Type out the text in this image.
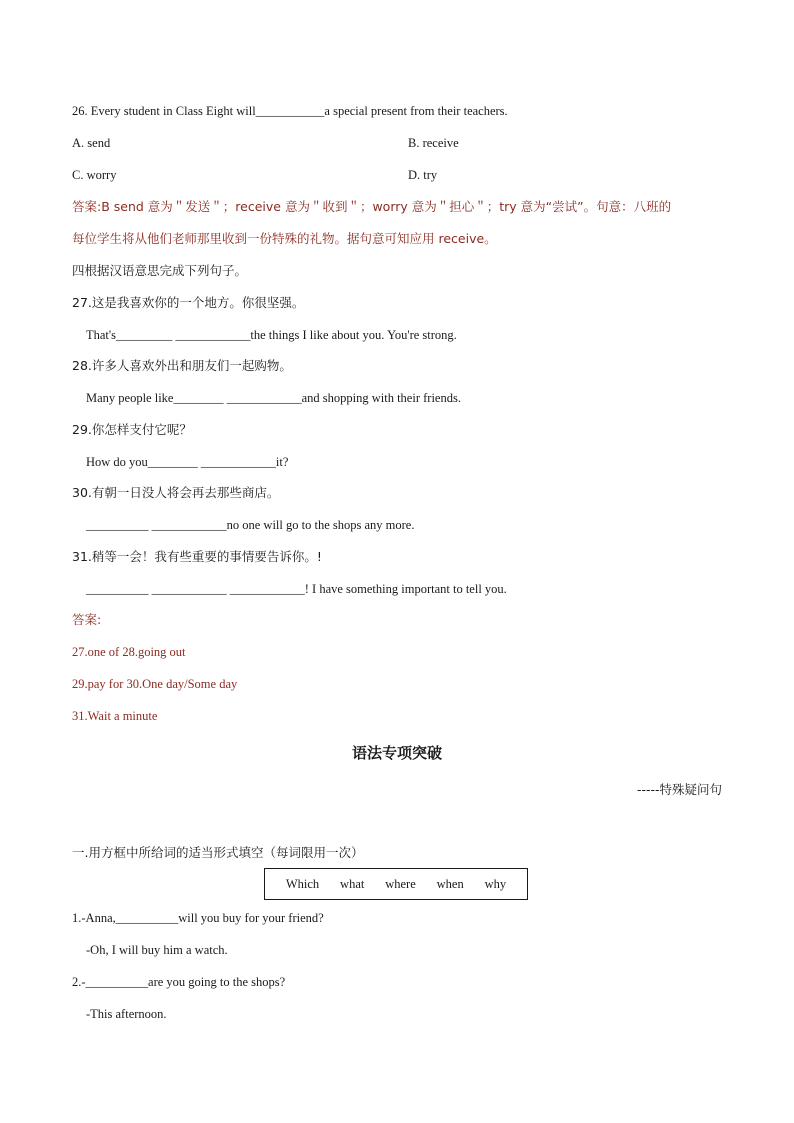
26. Every student in Class Eight will___________a special present from their teachers.
A. send	B. receive
C. worry	D. try
答案:B send 意为＂发送＂；receive 意为＂收到＂；worry 意为＂担心＂；try 意为“尝试”。句意：八班的
每位学生将从他们老师那里收到一份特殊的礼物。据句意可知应用 receive。
四根据汉语意思完成下列句子。
27.这是我喜欢你的一个地方。你很坚强。
That's_________ ____________the things I like about you. You're strong.
28.许多人喜欢外出和朋友们一起购物。
Many people like________ ____________and shopping with their friends.
29.你怎样支付它呢？
How do you________ ____________it?
30.有朝一日没人将会再去那些商店。
__________ ____________no one will go to the shops any more.
31.稍等一会！我有些重要的事情要告诉你。!
__________ ____________ ____________! I have something important to tell you.
答案:
27.one of 28.going out
29.pay for 30.One day/Some day
31.Wait a minute
语法专项突破
-----特殊疑问句
一.用方框中所给词的适当形式填空（每词限用一次）
Which what where when why
1.-Anna,__________will you buy for your friend?
-Oh, I will buy him a watch.
2.-__________are you going to the shops?
-This afternoon.
